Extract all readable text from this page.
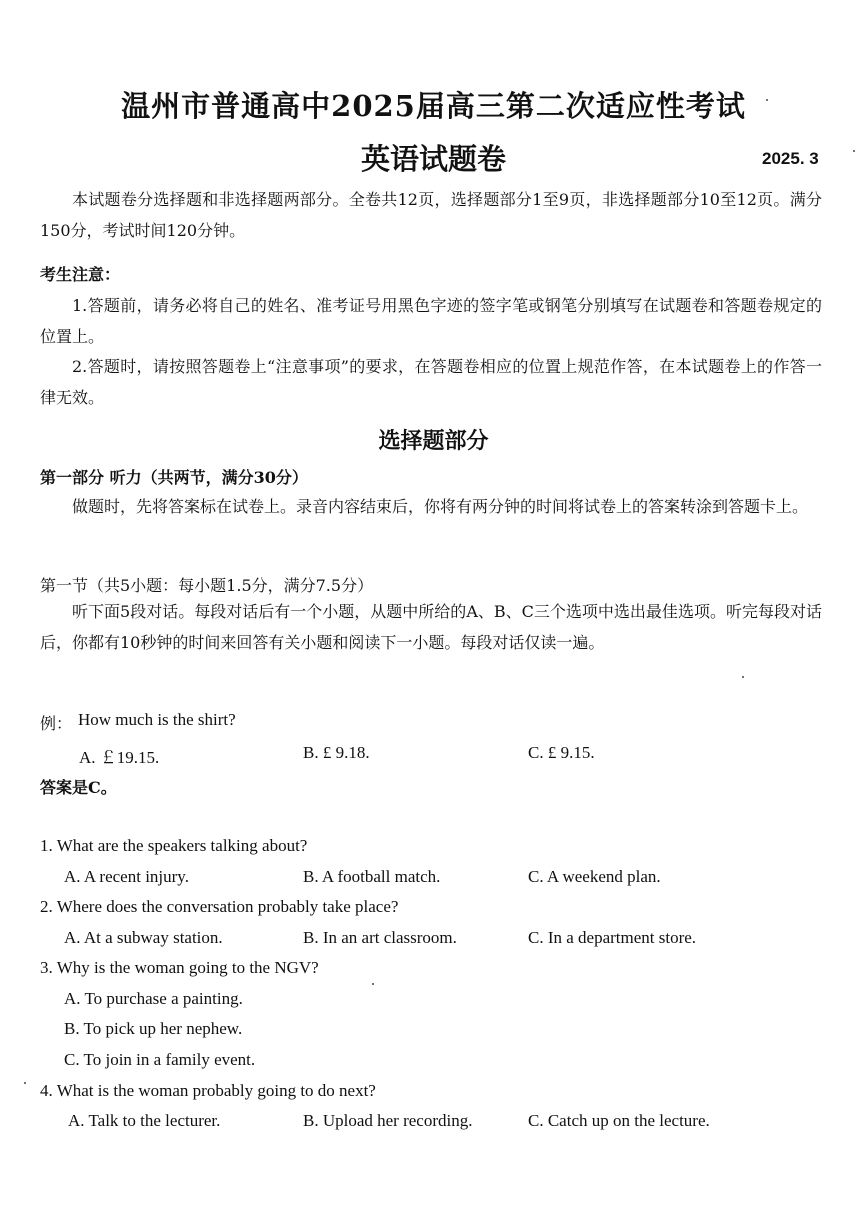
温州市普通高中2025届高三第二次适应性考试
英语试题卷	2025. 3
本试题卷分选择题和非选择题两部分。全卷共12页，选择题部分1至9页，非选择题部分10至12页。满分150分，考试时间120分钟。
考生注意：
1.答题前，请务必将自己的姓名、准考证号用黑色字迹的签字笔或钢笔分别填写在试题卷和答题卷规定的位置上。
2.答题时，请按照答题卷上“注意事项”的要求，在答题卷相应的位置上规范作答，在本试题卷上的作答一律无效。
选择题部分
第一部分 听力（共两节，满分30分）
做题时，先将答案标在试卷上。录音内容结束后，你将有两分钟的时间将试卷上的答案转涂到答题卡上。
第一节（共5小题：每小题1.5分，满分7.5分）
听下面5段对话。每段对话后有一个小题，从题中所给的A、B、C三个选项中选出最佳选项。听完每段对话后，你都有10秒钟的时间来回答有关小题和阅读下一小题。每段对话仅读一遍。
例： How much is the shirt?
A. ￡19.15.	B. £ 9.18.	C. £ 9.15.
答案是C。
1. What are the speakers talking about?
A. A recent injury.	B. A football match.	C. A weekend plan.
2. Where does the conversation probably take place?
A. At a subway station.	B. In an art classroom.	C. In a department store.
3. Why is the woman going to the NGV?
A. To purchase a painting.
B. To pick up her nephew.
C. To join in a family event.
4. What is the woman probably going to do next?
A. Talk to the lecturer.	B. Upload her recording.	C. Catch up on the lecture.
